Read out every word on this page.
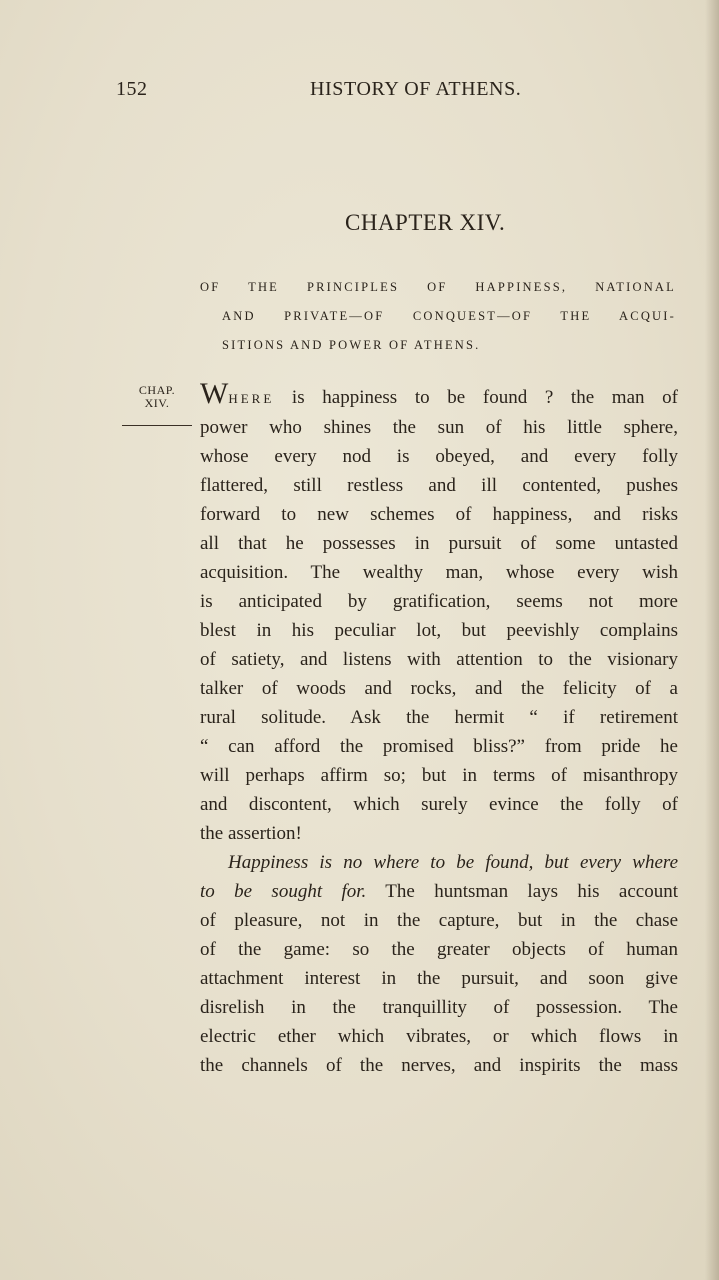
152	HISTORY OF ATHENS.
CHAPTER XIV.
OF THE PRINCIPLES OF HAPPINESS, NATIONAL
AND PRIVATE—OF CONQUEST—OF THE ACQUI-
SITIONS AND POWER OF ATHENS.
CHAP.
XIV.	WHERE is happiness to be found ? the man of
power who shines the sun of his little sphere,
whose every nod is obeyed, and every folly
flattered, still restless and ill contented, pushes
forward to new schemes of happiness, and risks
all that he possesses in pursuit of some untasted
acquisition. The wealthy man, whose every wish
is anticipated by gratification, seems not more
blest in his peculiar lot, but peevishly complains
of satiety, and listens with attention to the visionary
talker of woods and rocks, and the felicity of a
rural solitude. Ask the hermit “ if retirement
“ can afford the promised bliss?” from pride he
will perhaps affirm so; but in terms of misanthropy
and discontent, which surely evince the folly of
the assertion!
Happiness is no where to be found, but every where
to be sought for. The huntsman lays his account
of pleasure, not in the capture, but in the chase
of the game: so the greater objects of human
attachment interest in the pursuit, and soon give
disrelish in the tranquillity of possession. The
electric ether which vibrates, or which flows in
the channels of the nerves, and inspirits the mass
